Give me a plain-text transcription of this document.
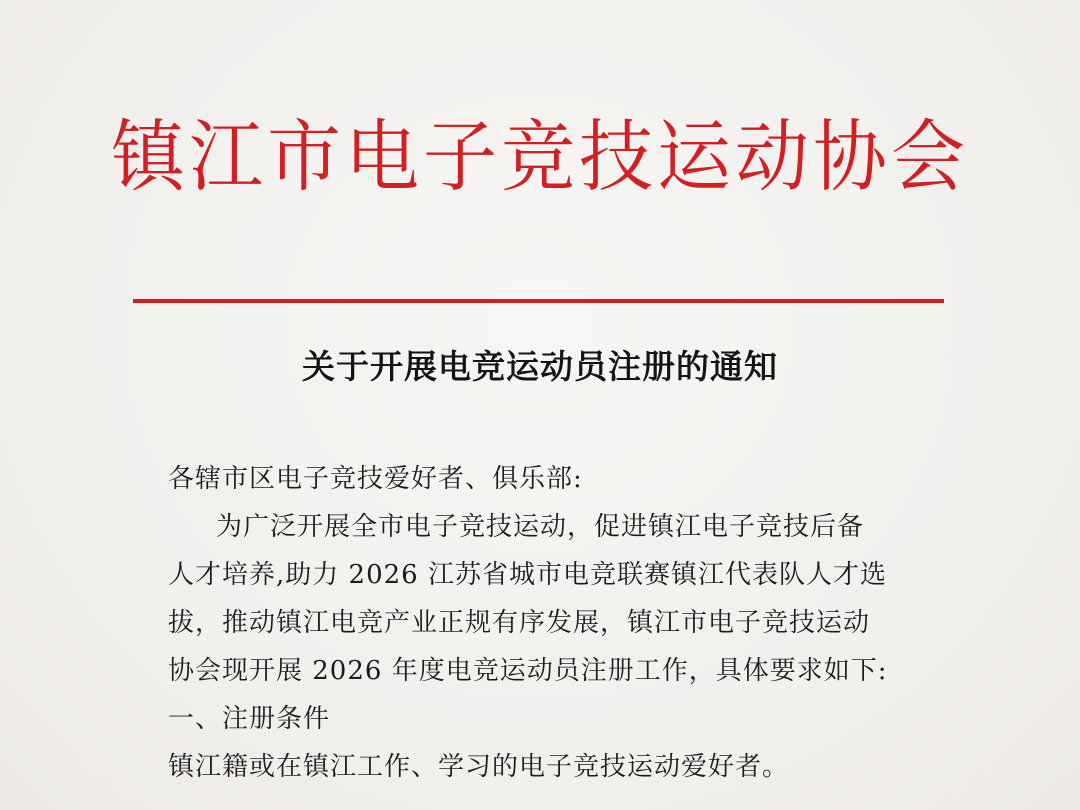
镇江市电子竞技运动协会
关于开展电竞运动员注册的通知
各辖市区电子竞技爱好者、俱乐部:
为广泛开展全市电子竞技运动，促进镇江电子竞技后备
人才培养,助力 2026 江苏省城市电竞联赛镇江代表队人才选
拔，推动镇江电竞产业正规有序发展，镇江市电子竞技运动
协会现开展 2026 年度电竞运动员注册工作，具体要求如下:
一、注册条件
镇江籍或在镇江工作、学习的电子竞技运动爱好者。
